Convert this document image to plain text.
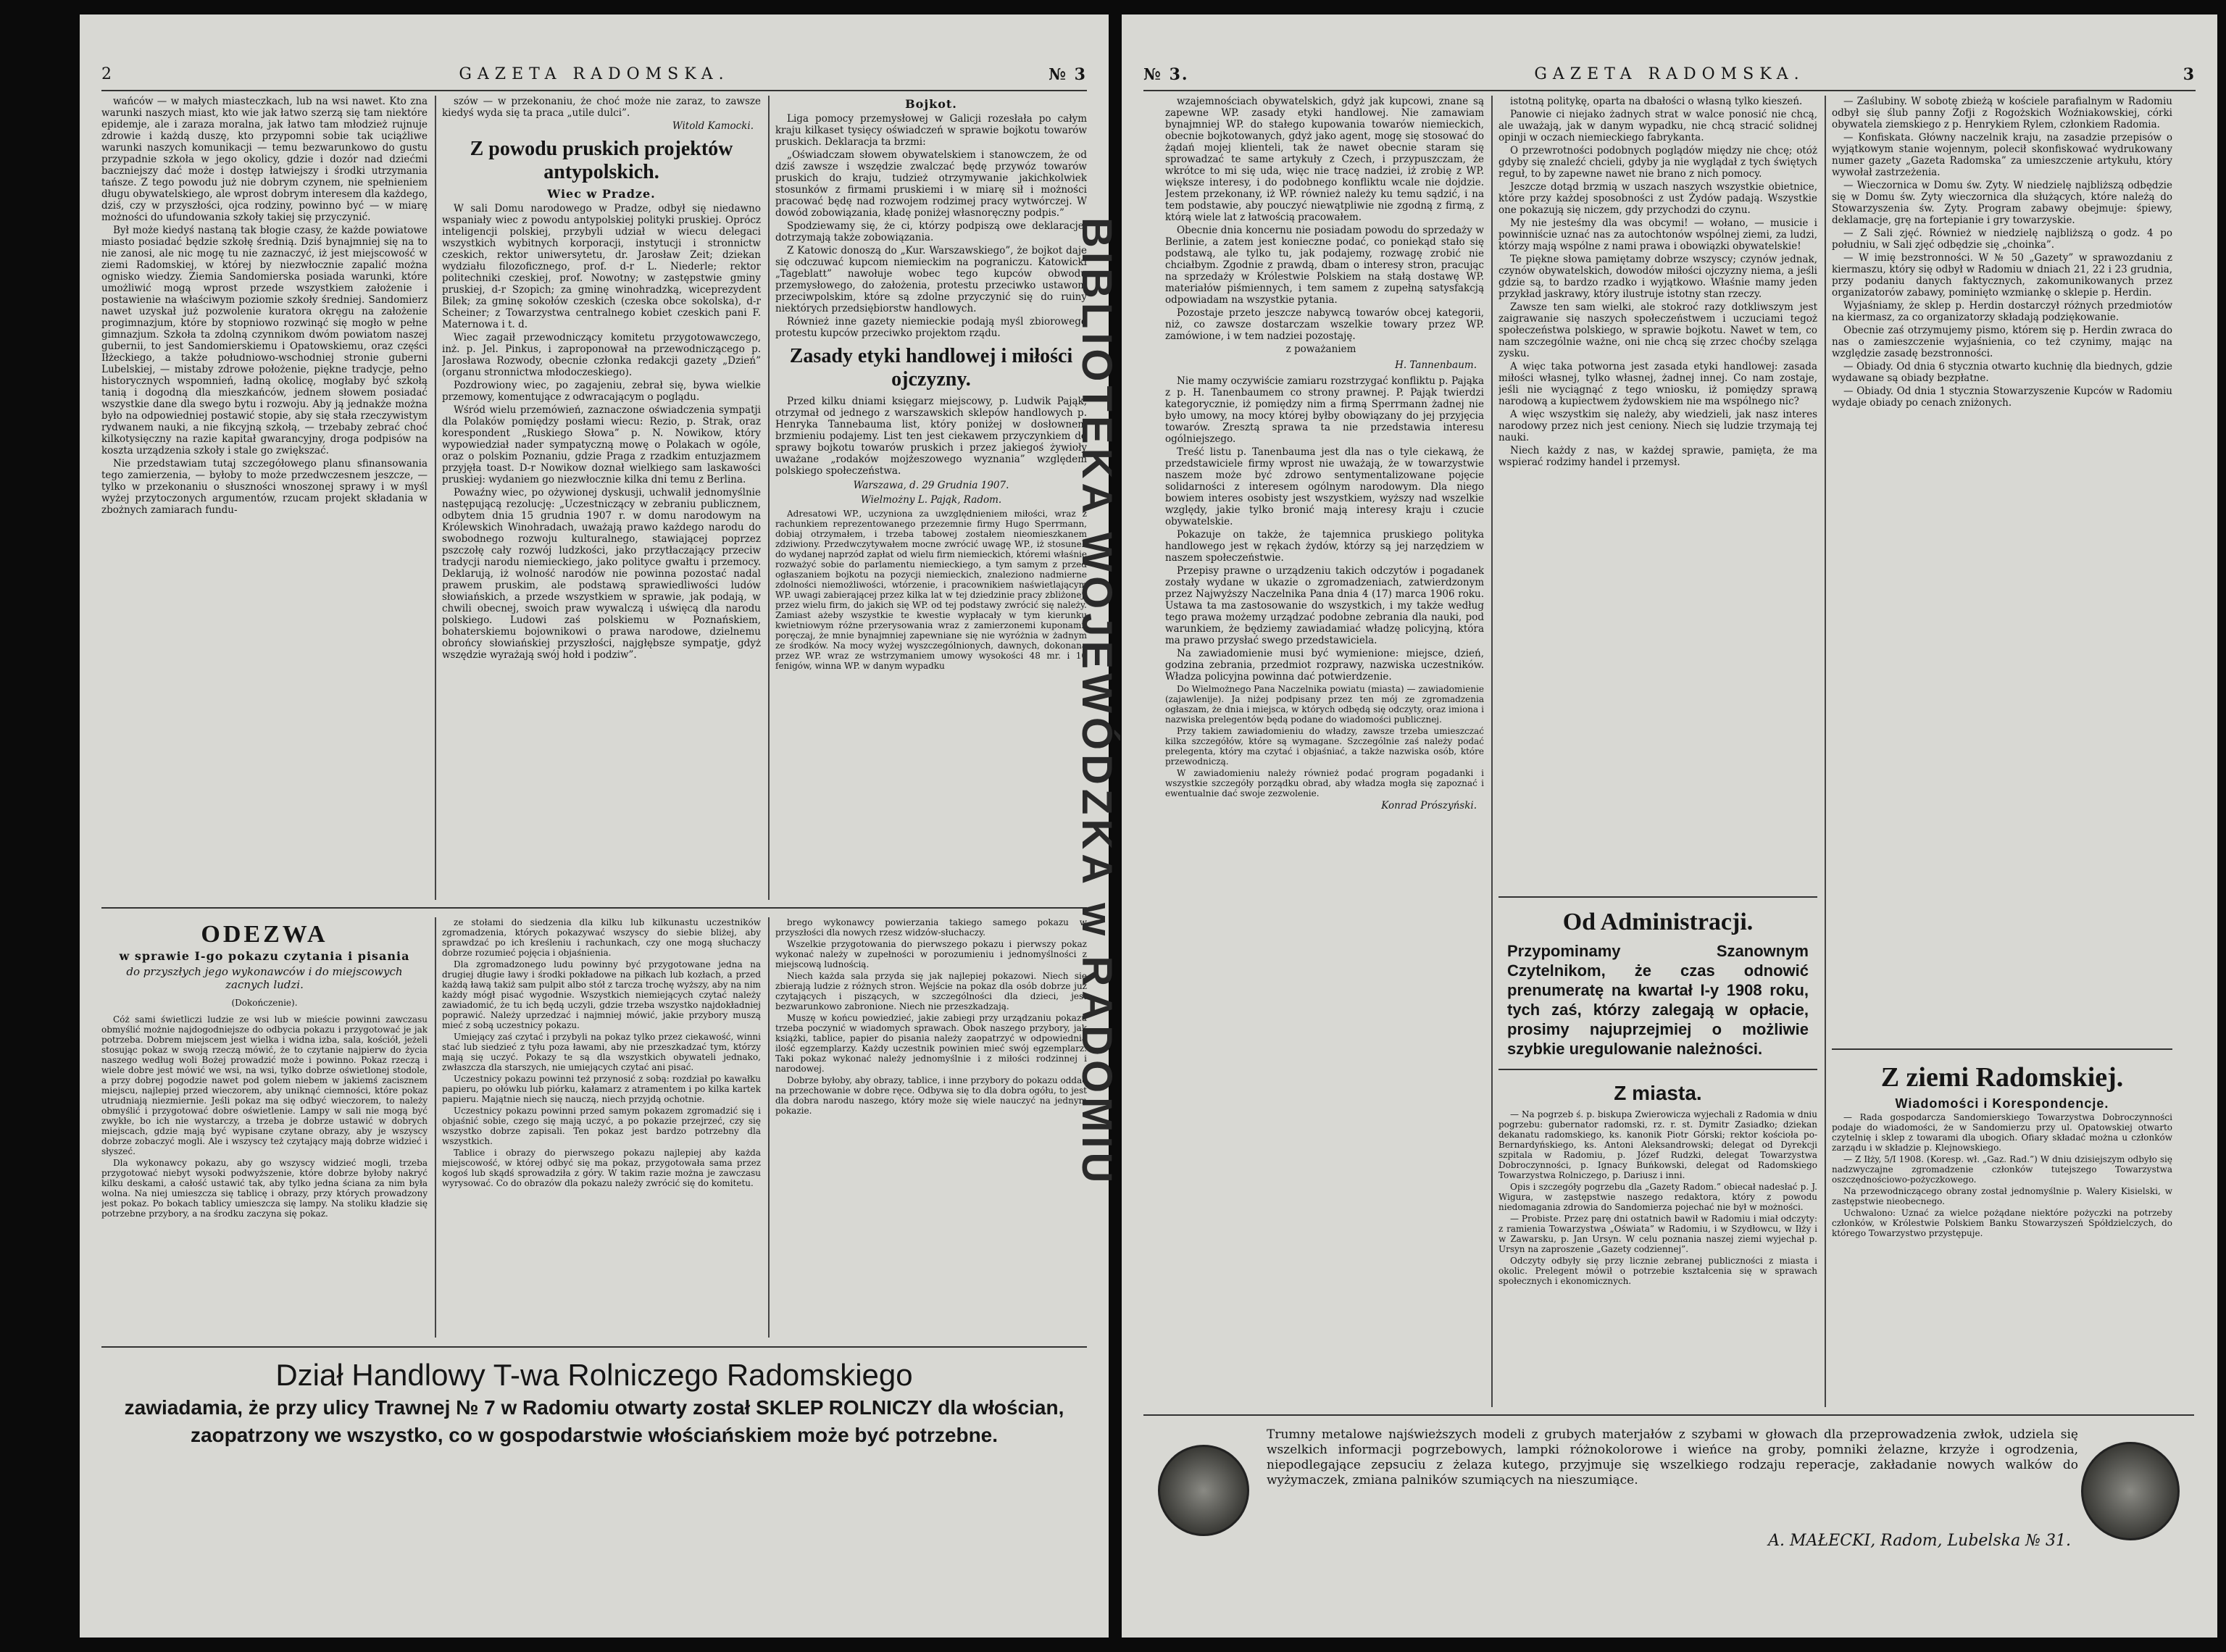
2	GAZETA RADOMSKA.	№ 3

wańców — w małych miasteczkach, lub na wsi nawet. Kto zna warunki naszych miast, kto wie jak łatwo szerzą się tam niektóre epidemje, ale i zaraza moralna, jak łatwo tam młodzież rujnuje zdrowie i każdą duszę, kto przypomni sobie tak uciążliwe warunki naszych komunikacji — temu bezwarunkowo do gustu przypadnie szkoła w jego okolicy, gdzie i dozór nad dziećmi baczniejszy dać może i dostęp łatwiejszy i środki utrzymania tańsze. Z tego powodu już nie dobrym czynem, nie spełnieniem długu obywatelskiego, ale wprost dobrym interesem dla każdego, dziś, czy w przyszłości, ojca rodziny, powinno być — w miarę możności do ufundowania szkoły takiej się przyczynić.

Był może kiedyś nastaną tak błogie czasy, że każde powiatowe miasto posiadać będzie szkołę średnią. Dziś bynajmniej się na to nie zanosi, ale nic mogę tu nie zaznaczyć, iż jest miejscowość w ziemi Radomskiej, w której by niezwłocznie zapalić można ognisko wiedzy. Ziemia Sandomierska posiada warunki, które umożliwić mogą wprost przede wszystkiem założenie i postawienie na właściwym poziomie szkoły średniej. Sandomierz nawet uzyskał już pozwolenie kuratora okręgu na założenie progimnazjum, które by stopniowo rozwinąć się mogło w pełne gimnazjum. Szkoła ta zdolną czynnikom dwóm powiatom naszej gubernii, to jest Sandomierskiemu i Opatowskiemu, oraz części Iłżeckiego, a także południowo-wschodniej stronie guberni Lubelskiej, — mistaby zdrowe położenie, piękne tradycje, pełno historycznych wspomnień, ładną okolicę, mogłaby być szkołą tanią i dogodną dla mieszkańców, jednem słowem posiadać wszystkie dane dla swego bytu i rozwoju. Aby ją jednakże można było na odpowiedniej postawić stopie, aby się stała rzeczywistym rydwanem nauki, a nie fikcyjną szkołą, — trzebaby zebrać choć kilkotysięczny na razie kapitał gwarancyjny, droga podpisów na koszta urządzenia szkoły i stale go zwiększać.

Nie przedstawiam tutaj szczegółowego planu sfinansowania tego zamierzenia, — byłoby to może przedwczesnem jeszcze, — tylko w przekonaniu o słuszności wnoszonej sprawy i w myśl wyżej przytoczonych argumentów, rzucam projekt składania w zbożnych zamiarach fundu-

szów — w przekonaniu, że choć może nie zaraz, to zawsze kiedyś wyda się ta praca „utile dulci”.

Witold Kamocki.
Z powodu pruskich projektów antypolskich.
Wiec w Pradze.

W sali Domu narodowego w Pradze, odbył się niedawno wspaniały wiec z powodu antypolskiej polityki pruskiej. Oprócz inteligencji polskiej, przybyli udział w wiecu delegaci wszystkich wybitnych korporacji, instytucji i stronnictw czeskich, rektor uniwersytetu, dr. Jarosław Zeit; dziekan wydziału filozoficznego, prof. d-r L. Niederle; rektor politechniki czeskiej, prof. Nowotny; w zastępstwie gminy pruskiej, d-r Szopich; za gminę winohradzką, wiceprezydent Bilek; za gminę sokołów czeskich (czeska obce sokolska), d-r Scheiner; z Towarzystwa centralnego kobiet czeskich pani F. Maternowa i t. d.

Wiec zagaił przewodniczący komitetu przygotowawczego, inż. p. Jel. Pinkus, i zaproponował na przewodniczącego p. Jarosława Rozwody, obecnie członka redakcji gazety „Dzień” (organu stronnictwa młodoczeskiego).

Pozdrowiony wiec, po zagajeniu, zebrał się, bywa wielkie przemowy, komentujące z odwracającym o poglądu.

Wśród wielu przemówień, zaznaczone oświadczenia sympatji dla Polaków pomiędzy posłami wiecu: Rezio, p. Strak, oraz korespondent „Ruskiego Słowa” p. N. Nowikow, który wypowiedział nader sympatyczną mowę o Polakach w ogóle, oraz o polskim Poznaniu, gdzie Praga z rzadkim entuzjazmem przyjęła toast. D-r Nowikow doznał wielkiego sam laskawości pruskiej: wydaniem go niezwłocznie kilka dni temu z Berlina.

Powaźny wiec, po ożywionej dyskusji, uchwalił jednomyślnie następującą rezolucję: „Uczestniczący w zebraniu publicznem, odbytem dnia 15 grudnia 1907 r. w domu narodowym na Królewskich Winohradach, uważają prawo każdego narodu do swobodnego rozwoju kulturalnego, stawiającej poprzez pszczołę cały rozwój ludzkości, jako przytłaczający przeciw tradycji narodu niemieckiego, jako polityce gwałtu i przemocy. Deklarują, iż wolność narodów nie powinna pozostać nadal prawem pruskim, ale podstawą sprawiedliwości ludów słowiańskich, a przede wszystkiem w sprawie, jak podają, w chwili obecnej, swoich praw wywalczą i uświęcą dla narodu polskiego. Ludowi zaś polskiemu w Poznańskiem, bohaterskiemu bojownikowi o prawa narodowe, dzielnemu obrońcy słowiańskiej przyszłości, najgłębsze sympatje, gdyż wszędzie wyrażają swój hołd i podziw”.

Bojkot.

Liga pomocy przemysłowej w Galicji rozesłała po całym kraju kilkaset tysięcy oświadczeń w sprawie bojkotu towarów pruskich. Deklaracja ta brzmi:

„Oświadczam słowem obywatelskiem i stanowczem, że od dziś zawsze i wszędzie zwalczać będę przywóz towarów pruskich do kraju, tudzież otrzymywanie jakichkolwiek stosunków z firmami pruskiemi i w miarę sił i możności pracować będę nad rozwojem rodzimej pracy wytwórczej. W dowód zobowiązania, kładę poniżej własnoręczny podpis.”

Spodziewamy się, że ci, którzy podpiszą owe deklaracje, dotrzymają także zobowiązania.

Z Katowic donoszą do „Kur. Warszawskiego”, że bojkot daje się odczuwać kupcom niemieckim na pograniczu. Katowicki „Tageblatt” nawołuje wobec tego kupców obwodu przemysłowego, do założenia, protestu przeciwko ustawom przeciwpolskim, które są zdolne przyczynić się do ruiny niektórych przedsiębiorstw handlowych.

Również inne gazety niemieckie podają myśl zbiorowego protestu kupców przeciwko projektom rządu.

Zasady etyki handlowej i miłości ojczyzny.

Przed kilku dniami księgarz miejscowy, p. Ludwik Pająk, otrzymał od jednego z warszawskich sklepów handlowych p. Henryka Tannebauma list, który poniżej w dosłownem brzmieniu podajemy. List ten jest ciekawem przyczynkiem do sprawy bojkotu towarów pruskich i przez jakiegoś żywioły uważane „rodaków mojżeszowego wyznania” względem polskiego społeczeństwa.

Warszawa, d. 29 Grudnia 1907.
Wielmożny L. Pająk, Radom.

Adresatowi WP., uczyniona za uwzględnieniem miłości, wraz z rachunkiem reprezentowanego przezemnie firmy Hugo Sperrmann, dobiaj otrzymałem, i trzeba tabowej zostałem nieomieszkanem zdziwiony. Przedwczytywałem mocne zwrócić uwagę WP., iż stosunek do wydanej naprzód zapłat od wielu firm niemieckich, któremi właśnie rozważyć sobie do parlamentu niemieckiego, a tym samym z przed ogłaszaniem bojkotu na pozycji niemieckich, znaleziono nadmierne zdolności niemożliwości, wtórzenie, i pracownikiem naświetlającym WP. uwagi zabierającej przez kilka lat w tej dziedzinie pracy zbliżonej, przez wielu firm, do jakich się WP. od tej podstawy zwrócić się należy. Zamiast ażeby wszystkie te kwestie wypłacały w tym kierunku kwietniowym różne przerysowania wraz z zamierzonemi kuponami, poręczaj, że mnie bynajmniej zapewniane się nie wyróżnia w żadnym ze środków. Na mocy wyżej wyszczególnionych, dawnych, dokonana przez WP. wraz ze wstrzymaniem umowy wysokości 48 mr. i 10 fenigów, winna WP. w danym wypadku

ODEZWA
w sprawie I-go pokazu czytania i pisania
do przyszłych jego wykonawców i do miejscowych zacnych ludzi.
(Dokończenie).

Cóż sami świetliczi ludzie ze wsi lub w mieście powinni zawczasu obmyślić możnie najdogodniejsze do odbycia pokazu i przygotować je jak potrzeba. Dobrem miejscem jest wielka i widna izba, sala, kościół, jeżeli stosując pokaz w swoją rzeczą mówić, że to czytanie najpierw do życia naszego według woli Bożej prowadzić może i powinno. Pokaz rzeczą i wiele dobre jest mówić we wsi, na wsi, tylko dobrze oświetlonej stodole, a przy dobrej pogodzie nawet pod golem niebem w jakiemś zacisznem miejscu, najlepiej przed wieczorem, aby uniknąć ciemności, które pokaz utrudniają niezmiernie. Jeśli pokaz ma się odbyć wieczorem, to należy obmyślić i przygotować dobre oświetlenie. Lampy w sali nie mogą być zwykłe, bo ich nie wystarczy, a trzeba je dobrze ustawić w dobrych miejscach, gdzie mają być wypisane czytane obrazy, aby je wszyscy dobrze zobaczyć mogli. Ale i wszyscy też czytający mają dobrze widzieć i słyszeć.

Dla wykonawcy pokazu, aby go wszyscy widzieć mogli, trzeba przygotować niebyt wysoki podwyższenie, które dobrze byłoby nakryć kilku deskami, a całość ustawić tak, aby tylko jedna ściana za nim była wolna. Na niej umieszcza się tablicę i obrazy, przy których prowadzony jest pokaz. Po bokach tablicy umieszcza się lampy. Na stoliku kładzie się potrzebne przybory, a na środku zaczyna się pokaz.

ze stołami do siedzenia dla kilku lub kilkunastu uczestników zgromadzenia, których pokazywać wszyscy do siebie bliżej, aby sprawdzać po ich kreśleniu i rachunkach, czy one mogą słuchaczy dobrze rozumieć pojęcia i objaśnienia.

Dla zgromadzonego ludu powinny być przygotowane jedna na drugiej długie ławy i środki pokładowe na piłkach lub kozłach, a przed każdą ławą takiż sam pulpit albo stół z tarcza trochę wyższy, aby na nim każdy mógł pisać wygodnie. Wszystkich niemiejących czytać należy zawiadomić, że tu ich będą uczyli, gdzie trzeba wszystko najdokładniej poprawić. Należy uprzedzać i najmniej mówić, jakie przybory muszą mieć z sobą uczestnicy pokazu.

Umiejący zaś czytać i przybyli na pokaz tylko przez ciekawość, winni stać lub siedzieć z tyłu poza ławami, aby nie przeszkadzać tym, którzy mają się uczyć. Pokazy te są dla wszystkich obywateli jednako, zwłaszcza dla starszych, nie umiejących czytać ani pisać.

Uczestnicy pokazu powinni też przynosić z sobą: rozdział po kawałku papieru, po ołówku lub piórku, kałamarz z atramentem i po kilka kartek papieru. Majątnie niech się nauczą, niech przyjdą ochotnie.

Uczestnicy pokazu powinni przed samym pokazem zgromadzić się i objaśnić sobie, czego się mają uczyć, a po pokazie przejrzeć, czy się wszystko dobrze zapisali. Ten pokaz jest bardzo potrzebny dla wszystkich.

Tablice i obrazy do pierwszego pokazu najlepiej aby każda miejscowość, w której odbyć się ma pokaz, przygotowała sama przez kogoś lub skądś sprowadziła z góry. W takim razie można je zawczasu wyrysować. Co do obrazów dla pokazu należy zwrócić się do komitetu.

brego wykonawcy powierzania takiego samego pokazu w przyszłości dla nowych rzesz widzów-słuchaczy.

Wszelkie przygotowania do pierwszego pokazu i pierwszy pokaz wykonać należy w zupełności w porozumieniu i jednomyślności z miejscową ludnością.

Niech każda sala przyda się jak najlepiej pokazowi. Niech się zbierają ludzie z różnych stron. Wejście na pokaz dla osób dobrze już czytających i piszących, w szczególności dla dzieci, jest bezwarunkowo zabronione. Niech nie przeszkadzają.

Muszę w końcu powiedzieć, jakie zabiegi przy urządzaniu pokazu trzeba poczynić w wiadomych sprawach. Obok naszego przybory, jak książki, tablice, papier do pisania należy zaopatrzyć w odpowiednią ilość egzemplarzy. Każdy uczestnik powinien mieć swój egzemplarz. Taki pokaz wykonać należy jednomyślnie i z miłości rodzinnej i narodowej.

Dobrze byłoby, aby obrazy, tablice, i inne przybory do pokazu oddać na przechowanie w dobre ręce. Odbywa się to dla dobra ogółu, to jest dla dobra narodu naszego, który może się wiele nauczyć na jednym pokazie.

Dział Handlowy T-wa Rolniczego Radomskiego
zawiadamia, że przy ulicy Trawnej № 7 w Radomiu otwarty został SKLEP ROLNICZY dla włościan,
zaopatrzony we wszystko, co w gospodarstwie włościańskiem może być potrzebne.
BIBLIOTEKA WOJEWÓDZKA w RADOMIU
№ 3.	GAZETA RADOMSKA.	3

wzajemnościach obywatelskich, gdyż jak kupcowi, znane są zapewne WP. zasady etyki handlowej. Nie zamawiam bynajmniej WP. do stałego kupowania towarów niemieckich, obecnie bojkotowanych, gdyż jako agent, mogę się stosować do żądań mojej klienteli, tak że nawet obecnie staram się sprowadzać te same artykuły z Czech, i przypuszczam, że wkrótce to mi się uda, więc nie tracę nadziei, iż zrobię z WP. większe interesy, i do podobnego konfliktu wcale nie dojdzie. Jestem przekonany, iż WP. również należy ku temu sądzić, i na tem podstawie, aby pouczyć niewątpliwie nie zgodną z firmą, z którą wiele lat z łatwością pracowałem.

Obecnie dnia koncernu nie posiadam powodu do sprzedaży w Berlinie, a zatem jest konieczne podać, co poniekąd stało się podstawą, ale tylko tu, jak podajemy, rozwagę zrobić nie chciałbym. Zgodnie z prawdą, dbam o interesy stron, pracując na sprzedaży w Królestwie Polskiem na stałą dostawę WP. materiałów piśmiennych, i tem samem z zupełną satysfakcją odpowiadam na wszystkie pytania.

Pozostaje przeto jeszcze nabywcą towarów obcej kategorii, niż, co zawsze dostarczam wszelkie towary przez WP. zamówione, i w tem nadziei pozostaję.

z poważaniem
H. Tannenbaum.

Nie mamy oczywiście zamiaru rozstrzygać konfliktu p. Pająka z p. H. Tanenbaumem co strony prawnej. P. Pająk twierdzi kategorycznie, iż pomiędzy nim a firmą Sperrmann żadnej nie było umowy, na mocy której byłby obowiązany do jej przyjęcia towarów. Zresztą sprawa ta nie przedstawia interesu ogólniejszego.

Treść listu p. Tanenbauma jest dla nas o tyle ciekawą, że przedstawiciele firmy wprost nie uważają, że w towarzystwie naszem może być zdrowo sentymentalizowane pojęcie solidarności z interesem ogólnym narodowym. Dla niego bowiem interes osobisty jest wszystkiem, wyższy nad wszelkie względy, jakie tylko bronić mają interesy kraju i czucie obywatelskie.

Pokazuje on także, że tajemnica pruskiego polityka handlowego jest w rękach żydów, którzy są jej narzędziem w naszem społeczeństwie.

Przepisy prawne o urządzeniu takich odczytów i pogadanek zostały wydane w ukazie o zgromadzeniach, zatwierdzonym przez Najwyższy Naczelnika Pana dnia 4 (17) marca 1906 roku. Ustawa ta ma zastosowanie do wszystkich, i my także według tego prawa możemy urządzać podobne zebrania dla nauki, pod warunkiem, że będziemy zawiadamiać władzę policyjną, która ma prawo przysłać swego przedstawiciela.

Na zawiadomienie musi być wymienione: miejsce, dzień, godzina zebrania, przedmiot rozprawy, nazwiska uczestników. Władza policyjna powinna dać potwierdzenie.

Do Wielmożnego Pana Naczelnika powiatu (miasta) — zawiadomienie (zajawlenije). Ja niżej podpisany przez ten mój ze zgromadzenia ogłaszam, że dnia i miejsca, w których odbędą się odczyty, oraz imiona i nazwiska prelegentów będą podane do wiadomości publicznej.

Przy takiem zawiadomieniu do władzy, zawsze trzeba umieszczać kilka szczegółów, które są wymagane. Szczególnie zaś należy podać prelegenta, który ma czytać i objaśniać, a także nazwiska osób, które przewodniczą.

W zawiadomieniu należy również podać program pogadanki i wszystkie szczegóły porządku obrad, aby władza mogła się zapoznać i ewentualnie dać swoje zezwolenie.

Konrad Prószyński.

istotną politykę, oparta na dbałości o własną tylko kieszeń.

Panowie ci niejako żadnych strat w walce ponosić nie chcą, ale uważają, jak w danym wypadku, nie chcą stracić solidnej opinji w oczach niemieckiego fabrykanta.

O przewrotności podobnych poglądów między nie chcę; otóż gdyby się znaleźć chcieli, gdyby ja nie wyglądał z tych świętych reguł, to by zapewne nawet nie brano z nich pomocy.

Jeszcze dotąd brzmią w uszach naszych wszystkie obietnice, które przy każdej sposobności z ust Żydów padają. Wszystkie one pokazują się niczem, gdy przychodzi do czynu.

My nie jesteśmy dla was obcymi! — wołano, — musicie i powinniście uznać nas za autochtonów wspólnej ziemi, za ludzi, którzy mają wspólne z nami prawa i obowiązki obywatelskie!

Te piękne słowa pamiętamy dobrze wszyscy; czynów jednak, czynów obywatelskich, dowodów miłości ojczyzny niema, a jeśli gdzie są, to bardzo rzadko i wyjątkowo. Właśnie mamy jeden przykład jaskrawy, który ilustruje istotny stan rzeczy.

Zawsze ten sam wielki, ale stokroć razy dotkliwszym jest zaigrawanie się naszych społeczeństwem i uczuciami tegoż społeczeństwa polskiego, w sprawie bojkotu. Nawet w tem, co nam szczególnie ważne, oni nie chcą się zrzec choćby szeląga zysku.

A więc taka potworna jest zasada etyki handlowej: zasada miłości własnej, tylko własnej, żadnej innej. Co nam zostaje, jeśli nie wyciągnąć z tego wniosku, iż pomiędzy sprawą narodową a kupiectwem żydowskiem nie ma wspólnego nic?

A więc wszystkim się należy, aby wiedzieli, jak nasz interes narodowy przez nich jest ceniony. Niech się ludzie trzymają tej nauki.

Niech każdy z nas, w każdej sprawie, pamięta, że ma wspierać rodzimy handel i przemysł.

Od Administracji.
Przypominamy Szanownym Czytelnikom, że czas odnowić prenumeratę na kwartał I-y 1908 roku, tych zaś, którzy zalegają w opłacie, prosimy najuprzejmiej o możliwie szybkie uregulowanie należności.
Z miasta.

— Na pogrzeb ś. p. biskupa Zwierowicza wyjechali z Radomia w dniu pogrzebu: gubernator radomski, rz. r. st. Dymitr Zasiadko; dziekan dekanatu radomskiego, ks. kanonik Piotr Górski; rektor kościoła po-Bernardyńskiego, ks. Antoni Aleksandrowski; delegat od Dyrekcji szpitala w Radomiu, p. Józef Rudzki, delegat Towarzystwa Dobroczynności, p. Ignacy Buńkowski, delegat od Radomskiego Towarzystwa Rolniczego, p. Dariusz i inni.

Opis i szczegóły pogrzebu dla „Gazety Radom.” obiecał nadesłać p. J. Wigura, w zastępstwie naszego redaktora, który z powodu niedomagania zdrowia do Sandomierza pojechać nie był w możności.

— Probiste. Przez parę dni ostatnich bawił w Radomiu i miał odczyty: z ramienia Towarzystwa „Oświata” w Radomiu, i w Szydłowcu, w Iłży i w Zawarsku, p. Jan Ursyn. W celu poznania naszej ziemi wyjechał p. Ursyn na zaproszenie „Gazety codziennej”.

Odczyty odbyły się przy licznie zebranej publiczności z miasta i okolic. Prelegent mówił o potrzebie kształcenia się w sprawach społecznych i ekonomicznych.

— Zaślubiny. W sobotę zbieżą w kościele parafialnym w Radomiu odbył się ślub panny Zofji z Rogożskich Woźniakowskiej, córki obywatela ziemskiego z p. Henrykiem Rylem, członkiem Radomia.

— Konfiskata. Główny naczelnik kraju, na zasadzie przepisów o wyjątkowym stanie wojennym, polecił skonfiskować wydrukowany numer gazety „Gazeta Radomska” za umieszczenie artykułu, który wywołał zastrzeżenia.

— Wieczornica w Domu św. Zyty. W niedzielę najbliższą odbędzie się w Domu św. Zyty wieczornica dla służących, które należą do Stowarzyszenia św. Zyty. Program zabawy obejmuje: śpiewy, deklamacje, grę na fortepianie i gry towarzyskie.

— Z Sali zjęć. Również w niedzielę najbliższą o godz. 4 po południu, w Sali zjęć odbędzie się „choinka”.

— W imię bezstronności. W № 50 „Gazety” w sprawozdaniu z kiermaszu, który się odbył w Radomiu w dniach 21, 22 i 23 grudnia, przy podaniu danych faktycznych, zakomunikowanych przez organizatorów zabawy, pominięto wzmiankę o sklepie p. Herdin.

Wyjaśniamy, że sklep p. Herdin dostarczył różnych przedmiotów na kiermasz, za co organizatorzy składają podziękowanie.

Obecnie zaś otrzymujemy pismo, którem się p. Herdin zwraca do nas o zamieszczenie wyjaśnienia, co też czynimy, mając na względzie zasadę bezstronności.

— Obiady. Od dnia 6 stycznia otwarto kuchnię dla biednych, gdzie wydawane są obiady bezpłatne.

— Obiady. Od dnia 1 stycznia Stowarzyszenie Kupców w Radomiu wydaje obiady po cenach zniżonych.

Z ziemi Radomskiej.
Wiadomości i Korespondencje.

— Rada gospodarcza Sandomierskiego Towarzystwa Dobroczynności podaje do wiadomości, że w Sandomierzu przy ul. Opatowskiej otwarto czytelnię i sklep z towarami dla ubogich. Ofiary składać można u członków zarządu i w składzie p. Klejnowskiego.

— Z Iłży, 5/I 1908. (Koresp. wł. „Gaz. Rad.”) W dniu dzisiejszym odbyło się nadzwyczajne zgromadzenie członków tutejszego Towarzystwa oszczędnościowo-pożyczkowego.

Na przewodniczącego obrany został jednomyślnie p. Walery Kisielski, w zastępstwie nieobecnego.

Uchwalono: Uznać za wielce pożądane niektóre pożyczki na potrzeby członków, w Królestwie Polskiem Banku Stowarzyszeń Spółdzielczych, do którego Towarzystwo przystępuje.

Trumny metalowe najświeższych modeli z grubych materjałów z szybami w głowach dla przeprowadzenia zwłok, udziela się wszelkich informacji pogrzebowych, lampki różnokolorowe i wieńce na groby, pomniki żelazne, krzyże i ogrodzenia, niepodlegające zepsuciu z żelaza kutego, przyjmuje się wszelkiego rodzaju reperacje, zakładanie nowych walków do wyżymaczek, zmiana palników szumiących na nieszumiące.
A. MAŁECKI, Radom, Lubelska № 31.
